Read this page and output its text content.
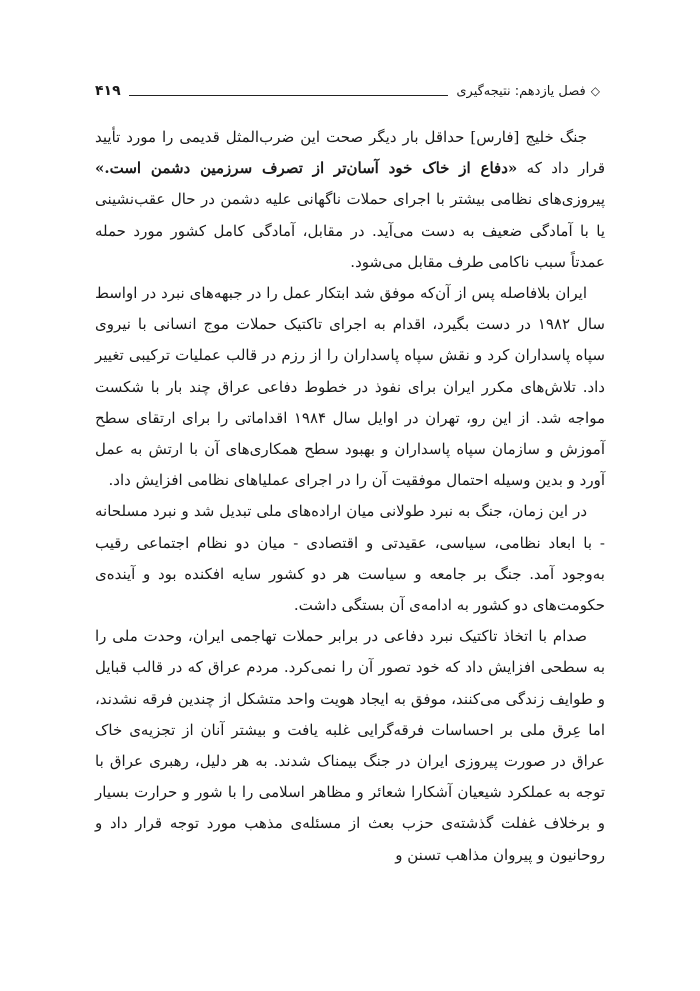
◇
فصل یازدهم: نتیجه‌گیری
۴۱۹

جنگ خلیج [فارس] حداقل بار دیگر صحت این ضرب‌المثل قدیمی را مورد تأیید قرار داد که «دفاع از خاک خود آسان‌تر از تصرف سرزمین دشمن است.» پیروزی‌های نظامی بیشتر با اجرای حملات ناگهانی علیه دشمن در حال عقب‌نشینی یا با آمادگی ضعیف به دست می‌آید. در مقابل، آمادگی کامل کشور مورد حمله عمدتاً سبب ناکامی طرف مقابل می‌شود.

ایران بلافاصله پس از آن‌که موفق شد ابتکار عمل را در جبهه‌های نبرد در اواسط سال ۱۹۸۲ در دست بگیرد، اقدام به اجرای تاکتیک حملات موج انسانی با نیروی سپاه پاسداران کرد و نقش سپاه پاسداران را از رزم در قالب عملیات ترکیبی تغییر داد. تلاش‌های مکرر ایران برای نفوذ در خطوط دفاعی عراق چند بار با شکست مواجه شد. از این رو، تهران در اوایل سال ۱۹۸۴ اقداماتی را برای ارتقای سطح آموزش و سازمان سپاه پاسداران و بهبود سطح همکاری‌های آن با ارتش به عمل آورد و بدین وسیله احتمال موفقیت آن را در اجرای عملیاهای نظامی افزایش داد.

در این زمان، جنگ به نبرد طولانی میان اراده‌های ملی تبدیل شد و نبرد مسلحانه - با ابعاد نظامی، سیاسی، عقیدتی و اقتصادی - میان دو نظام اجتماعی رقیب به‌وجود آمد. جنگ بر جامعه و سیاست هر دو کشور سایه افکنده بود و آینده‌ی حکومت‌های دو کشور به ادامه‌ی آن بستگی داشت.

صدام با اتخاذ تاکتیک نبرد دفاعی در برابر حملات تهاجمی ایران، وحدت ملی را به سطحی افزایش داد که خود تصور آن را نمی‌کرد. مردم عراق که در قالب قبایل و طوایف زندگی می‌کنند، موفق به ایجاد هویت واحد متشکل از چندین فرقه نشدند، اما عِرق ملی بر احساسات فرقه‌گرایی غلبه یافت و بیشتر آنان از تجزیه‌ی خاک عراق در صورت پیروزی ایران در جنگ بیمناک شدند. به هر دلیل، رهبری عراق با توجه به عملکرد شیعیان آشکارا شعائر و مظاهر اسلامی را با شور و حرارت بسیار و برخلاف غفلت گذشته‌ی حزب بعث از مسئله‌ی مذهب مورد توجه قرار داد و روحانیون و پیروان مذاهب تسنن و
